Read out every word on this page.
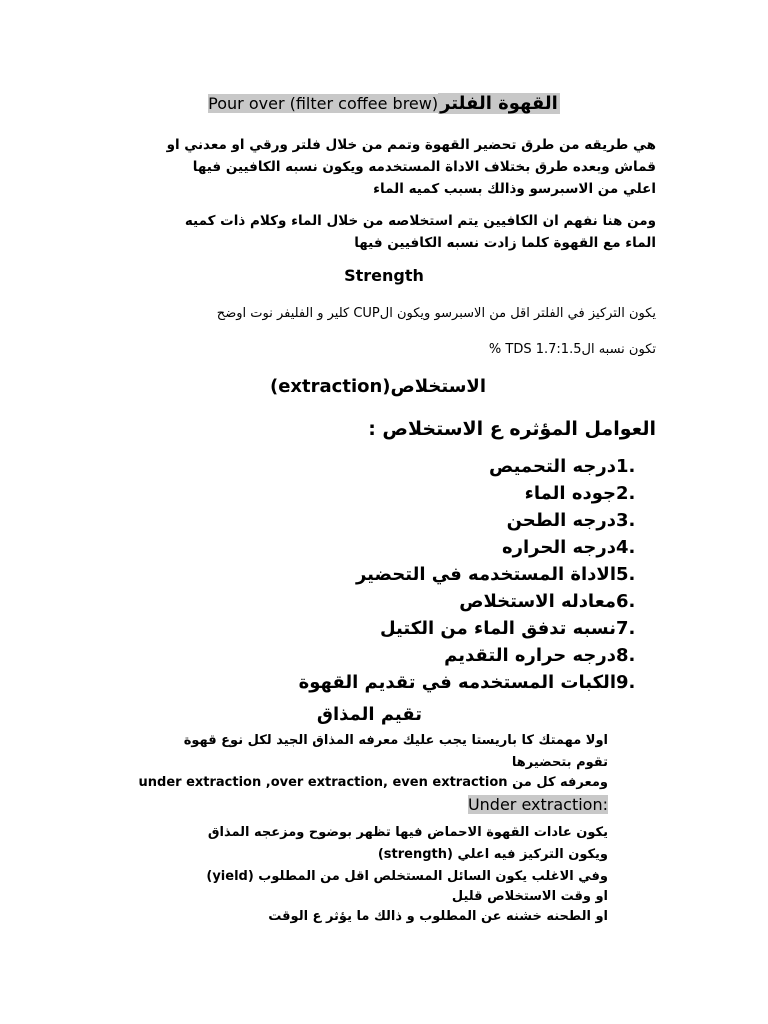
القهوة الفلترPour over (filter coffee brew)
هي طريقه من طرق تحضير القهوة وتمم من خلال فلتر ورقي او معدني او
قماش وبعده طرق بختلاف الاداة المستخدمه ويكون نسبه الكافيين فيها
اعلي من الاسبرسو وذالك بسبب كميه الماء
ومن هنا نفهم ان الكافيين يتم استخلاصه من خلال الماء وكلام ذات كميه
الماء مع القهوة كلما زادت نسبه الكافيين فيها
Strength
يكون التركيز في الفلتر اقل من الاسبرسو ويكون الCUP كلير و الفليفر نوت اوضح
تكون نسبه الTDS 1.7:1.5 %
الاستخلاص(extraction)
العوامل المؤثره ع الاستخلاص :
1.
درجه التحميص
2.
جوده الماء
3.
درجه الطحن
4.
درجه الحراره
5.
الاداة المستخدمه في التحضير
6.
معادله الاستخلاص
7.
نسبه تدفق الماء من الكتيل
8.
درجه حراره التقديم
9.
الكبات المستخدمه في تقديم القهوة
تقيم المذاق
اولا مهمتك كا باريستا يجب عليك معرفه المذاق الجيد لكل نوع قهوة
تقوم بتحضيرها
ومعرفه كل من under extraction ,over extraction, even extraction
Under extraction:
يكون عادات القهوة الاحماض فيها تظهر بوضوح ومزعجه المذاق
ويكون التركيز فيه اعلي (strength)
وفي الاغلب يكون السائل المستخلص اقل من المطلوب (yield)
او وقت الاستخلاص قليل
او الطحنه خشنه عن المطلوب و ذالك ما يؤثر ع الوقت
